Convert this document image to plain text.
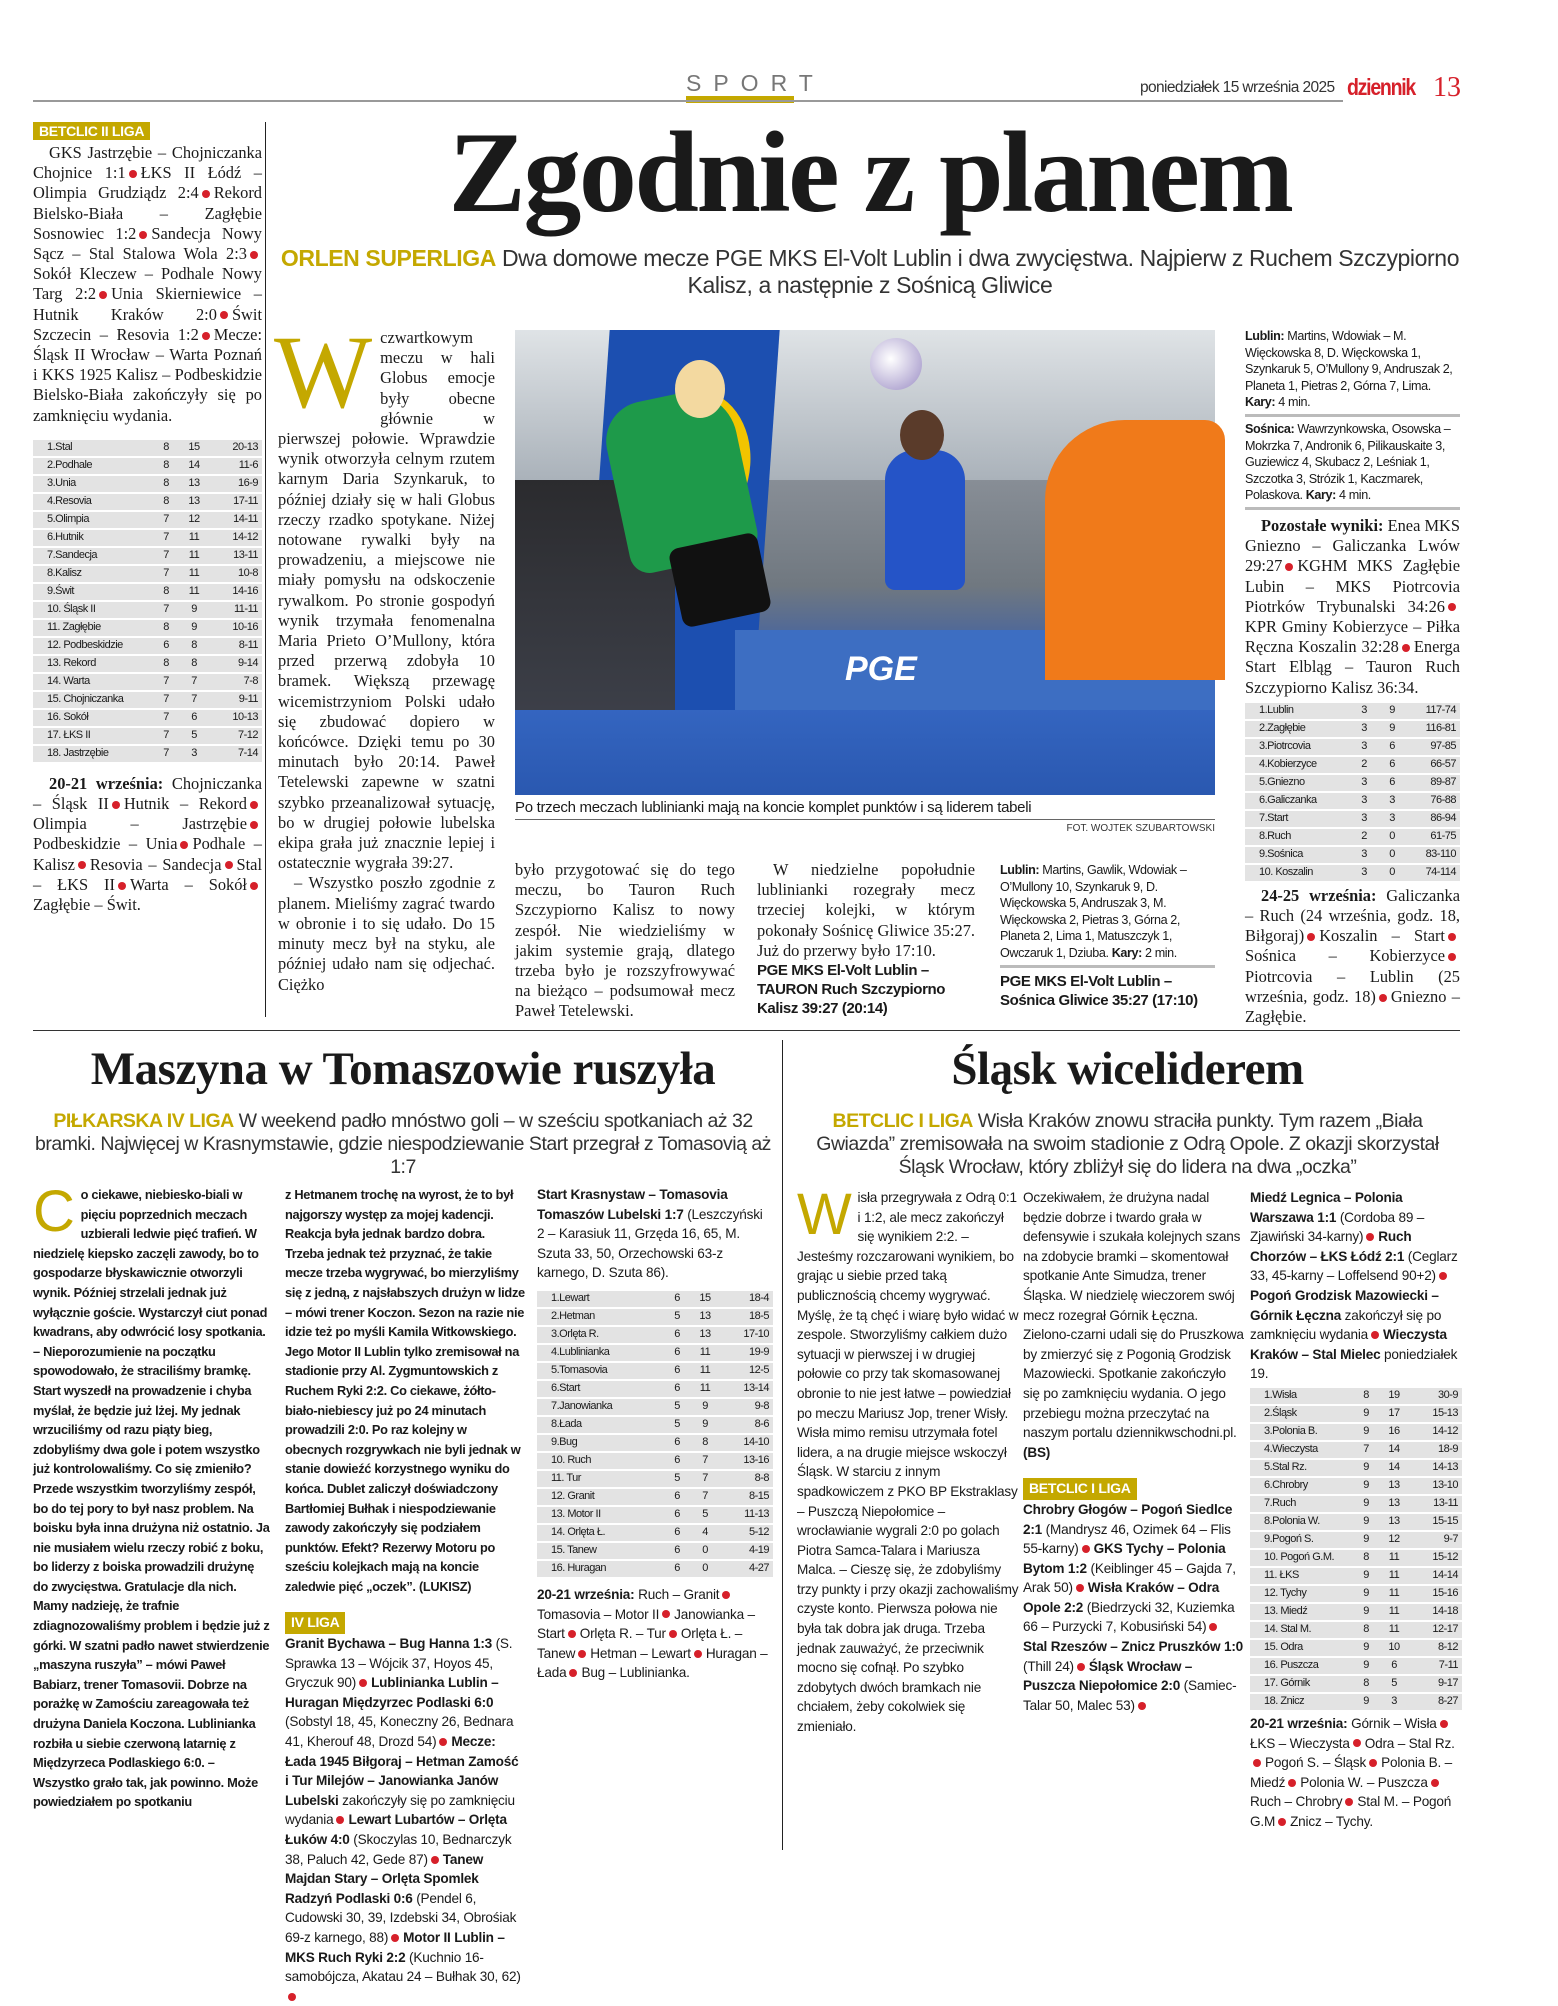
SPORT	poniedziałek 15 września 2025 dziennik 13
BETCLIC II LIGA

GKS Jastrzębie – Chojniczanka Chojnice 1:1 ŁKS II Łódź – Olimpia Grudziądz 2:4 Rekord Bielsko-Biała – Zagłębie Sosnowiec 1:2 Sandecja Nowy Sącz – Stal Stalowa Wola 2:3Sokół Kleczew – Podhale Nowy Targ 2:2 Unia Skierniewice – Hutnik Kraków 2:0 Świt Szczecin – Resovia 1:2 Mecze: Śląsk II Wrocław – Warta Poznań i KKS 1925 Kalisz – Podbeskidzie Bielsko-Biała zakończyły się po zamknięciu wydania.

1.Stal	8	15	20-13
2.Podhale	8	14	11-6
3.Unia	8	13	16-9
4.Resovia	8	13	17-11
5.Olimpia	7	12	14-11
6.Hutnik	7	11	14-12
7.Sandecja	7	11	13-11
8.Kalisz	7	11	10-8
9.Świt	8	11	14-16
10. Śląsk II	7	9	11-11
11. Zagłębie	8	9	10-16
12. Podbeskidzie	6	8	8-11
13. Rekord	8	8	9-14
14. Warta	7	7	7-8
15. Chojniczanka	7	7	9-11
16. Sokół	7	6	10-13
17. ŁKS II	7	5	7-12
18. Jastrzębie	7	3	7-14

20-21 września: Chojniczanka – Śląsk II Hutnik – RekordOlimpia – JastrzębiePodbeskidzie – Unia Podhale – Kalisz Resovia – Sandecja Stal – ŁKS II Warta – SokółZagłębie – Świt.

Zgodnie z planem

ORLEN SUPERLIGA Dwa domowe mecze PGE MKS El-Volt Lublin i dwa zwycięstwa. Najpierw z Ruchem Szczypiorno Kalisz, a następnie z Sośnicą Gliwice

Wczwartkowym meczu w hali Globus emocje były obecne głównie w pierwszej połowie. Wprawdzie wynik otworzyła celnym rzutem karnym Daria Szynkaruk, to później działy się w hali Globus rzeczy rzadko spotykane. Niżej notowane rywalki były na prowadzeniu, a miejscowe nie miały pomysłu na odskoczenie rywalkom. Po stronie gospodyń wynik trzymała fenomenalna Maria Prieto O’Mullony, która przed przerwą zdobyła 10 bramek. Większą przewagę wicemistrzyniom Polski udało się zbudować dopiero w końcówce. Dzięki temu po 30 minutach było 20:14. Paweł Tetelewski zapewne w szatni szybko przeanalizował sytuację, bo w drugiej połowie lubelska ekipa grała już znacznie lepiej i ostatecznie wygrała 39:27.

– Wszystko poszło zgodnie z planem. Mieliśmy zagrać twardo w obronie i to się udało. Do 15 minuty mecz był na styku, ale później udało nam się odjechać. Ciężko

PGE

Po trzech meczach lublinianki mają na koncie komplet punktów i są liderem tabeli

FOT. WOJTEK SZUBARTOWSKI

było przygotować się do tego meczu, bo Tauron Ruch Szczypiorno Kalisz to nowy zespół. Nie wiedzieliśmy w jakim systemie grają, dlatego trzeba było je rozszyfrowywać na bieżąco – podsumował mecz Paweł Tetelewski.

W niedzielne popołudnie lublinianki rozegrały mecz trzeciej kolejki, w którym pokonały Sośnicę Gliwice 35:27. Już do przerwy było 17:10.

PGE MKS El-Volt Lublin – TAURON Ruch Szczypiorno Kalisz 39:27 (20:14)

Lublin: Martins, Gawlik, Wdowiak – O’Mullony 10, Szynkaruk 9, D. Więckowska 5, Andruszak 3, M. Więckowska 2, Pietras 3, Górna 2, Planeta 2, Lima 1, Matuszczyk 1, Owczaruk 1, Dziuba. Kary: 2 min.

PGE MKS El-Volt Lublin – Sośnica Gliwice 35:27 (17:10)

Lublin: Martins, Wdowiak – M. Więckowska 8, D. Więckowska 1, Szynkaruk 5, O’Mullony 9, Andruszak 2, Planeta 1, Pietras 2, Górna 7, Lima. Kary: 4 min.

Sośnica: Wawrzynkowska, Osowska – Mokrzka 7, Andronik 6, Pilikauskaite 3, Guziewicz 4, Skubacz 2, Leśniak 1, Szczotka 3, Strózik 1, Kaczmarek, Polaskova. Kary: 4 min.

Pozostałe wyniki: Enea MKS Gniezno – Galiczanka Lwów 29:27 KGHM MKS Zagłębie Lubin – MKS Piotrcovia Piotrków Trybunalski 34:26KPR Gminy Kobierzyce – Piłka Ręczna Koszalin 32:28 Energa Start Elbląg – Tauron Ruch Szczypiorno Kalisz 36:34.

1.Lublin	3	9	117-74
2.Zagłębie	3	9	116-81
3.Piotrcovia	3	6	97-85
4.Kobierzyce	2	6	66-57
5.Gniezno	3	6	89-87
6.Galiczanka	3	3	76-88
7.Start	3	3	86-94
8.Ruch	2	0	61-75
9.Sośnica	3	0	83-110
10. Koszalin	3	0	74-114

24-25 września: Galiczanka – Ruch (24 września, godz. 18, Biłgoraj) Koszalin – StartSośnica – KobierzycePiotrcovia – Lublin (25 września, godz. 18) Gniezno – Zagłębie.

Maszyna w Tomaszowie ruszyła

PIŁKARSKA IV LIGA W weekend padło mnóstwo goli – w sześciu spotkaniach aż 32 bramki. Najwięcej w Krasnymstawie, gdzie niespodziewanie Start przegrał z Tomasovią aż 1:7

Co ciekawe, niebiesko-biali w pięciu poprzednich meczach uzbierali ledwie pięć trafień. W niedzielę kiepsko zaczęli zawody, bo to gospodarze błyskawicznie otworzyli wynik. Później strzelali jednak już wyłącznie goście. Wystarczył ciut ponad kwadrans, aby odwrócić losy spotkania. – Nieporozumienie na początku spowodowało, że straciliśmy bramkę. Start wyszedł na prowadzenie i chyba myślał, że będzie już lżej. My jednak wrzuciliśmy od razu piąty bieg, zdobyliśmy dwa gole i potem wszystko już kontrolowaliśmy. Co się zmieniło? Przede wszystkim tworzyliśmy zespół, bo do tej pory to był nasz problem. Na boisku była inna drużyna niż ostatnio. Ja nie musiałem wielu rzeczy robić z boku, bo liderzy z boiska prowadzili drużynę do zwycięstwa. Gratulacje dla nich. Mamy nadzieję, że trafnie zdiagnozowaliśmy problem i będzie już z górki. W szatni padło nawet stwierdzenie „maszyna ruszyła” – mówi Paweł Babiarz, trener Tomasovii. Dobrze na porażkę w Zamościu zareagowała też drużyna Daniela Koczona. Lublinianka rozbiła u siebie czerwoną latarnię z Międzyrzeca Podlaskiego 6:0. – Wszystko grało tak, jak powinno. Może powiedziałem po spotkaniu

z Hetmanem trochę na wyrost, że to był najgorszy występ za mojej kadencji. Reakcja była jednak bardzo dobra. Trzeba jednak też przyznać, że takie mecze trzeba wygrywać, bo mierzyliśmy się z jedną, z najsłabszych drużyn w lidze – mówi trener Koczon. Sezon na razie nie idzie też po myśli Kamila Witkowskiego. Jego Motor II Lublin tylko zremisował na stadionie przy Al. Zygmuntowskich z Ruchem Ryki 2:2. Co ciekawe, żółto-biało-niebiescy już po 24 minutach prowadzili 2:0. Po raz kolejny w obecnych rozgrywkach nie byli jednak w stanie dowieźć korzystnego wyniku do końca. Dublet zaliczył doświadczony Bartłomiej Bułhak i niespodziewanie zawody zakończyły się podziałem punktów. Efekt? Rezerwy Motoru po sześciu kolejkach mają na koncie zaledwie pięć „oczek”. (LUKISZ)

IV LIGA

Granit Bychawa – Bug Hanna 1:3 (S. Sprawka 13 – Wójcik 37, Hoyos 45, Gryczuk 90) Lublinianka Lublin – Huragan Międzyrzec Podlaski 6:0 (Sobstyl 18, 45, Koneczny 26, Bednara 41, Kherouf 48, Drozd 54) Mecze: Łada 1945 Biłgoraj – Hetman Zamość i Tur Milejów – Janowianka Janów Lubelski zakończyły się po zamknięciu wydania Lewart Lubartów – Orlęta Łuków 4:0 (Skoczylas 10, Bednarczyk 38, Paluch 42, Gede 87) Tanew Majdan Stary – Orlęta Spomlek Radzyń Podlaski 0:6 (Pendel 6, Cudowski 30, 39, Izdebski 34, Obrośiak 69-z karnego, 88) Motor II Lublin – MKS Ruch Ryki 2:2 (Kuchnio 16-samobójcza, Akatau 24 – Bułhak 30, 62)

Start Krasnystaw – Tomasovia Tomaszów Lubelski 1:7 (Leszczyński 2 – Karasiuk 11, Grzęda 16, 65, M. Szuta 33, 50, Orzechowski 63-z karnego, D. Szuta 86).

1.Lewart	6	15	18-4
2.Hetman	5	13	18-5
3.Orlęta R.	6	13	17-10
4.Lublinianka	6	11	19-9
5.Tomasovia	6	11	12-5
6.Start	6	11	13-14
7.Janowianka	5	9	9-8
8.Łada	5	9	8-6
9.Bug	6	8	14-10
10. Ruch	6	7	13-16
11. Tur	5	7	8-8
12. Granit	6	7	8-15
13. Motor II	6	5	11-13
14. Orlęta Ł.	6	4	5-12
15. Tanew	6	0	4-19
16. Huragan	6	0	4-27

20-21 września: Ruch – GranitTomasovia – Motor II Janowianka – Start Orlęta R. – Tur Orlęta Ł. – Tanew Hetman – Lewart Huragan – Łada Bug – Lublinianka.

Śląsk wiceliderem

BETCLIC I LIGA Wisła Kraków znowu straciła punkty. Tym razem „Biała Gwiazda” zremisowała na swoim stadionie z Odrą Opole. Z okazji skorzystał Śląsk Wrocław, który zbliżył się do lidera na dwa „oczka”

Wisła przegrywała z Odrą 0:1 i 1:2, ale mecz zakończył się wynikiem 2:2. – Jesteśmy rozczarowani wynikiem, bo grając u siebie przed taką publicznością chcemy wygrywać. Myślę, że tą chęć i wiarę było widać w zespole. Stworzyliśmy całkiem dużo sytuacji w pierwszej i w drugiej połowie co przy tak skomasowanej obronie to nie jest łatwe – powiedział po meczu Mariusz Jop, trener Wisły. Wisła mimo remisu utrzymała fotel lidera, a na drugie miejsce wskoczył Śląsk. W starciu z innym spadkowiczem z PKO BP Ekstraklasy – Puszczą Niepołomice – wrocławianie wygrali 2:0 po golach Piotra Samca-Talara i Mariusza Malca. – Cieszę się, że zdobyliśmy trzy punkty i przy okazji zachowaliśmy czyste konto. Pierwsza połowa nie była tak dobra jak druga. Trzeba jednak zauważyć, że przeciwnik mocno się cofnął. Po szybko zdobytych dwóch bramkach nie chciałem, żeby cokolwiek się zmieniało.

Oczekiwałem, że drużyna nadal będzie dobrze i twardo grała w defensywie i szukała kolejnych szans na zdobycie bramki – skomentował spotkanie Ante Simudza, trener Śląska. W niedzielę wieczorem swój mecz rozegrał Górnik Łęczna. Zielono-czarni udali się do Pruszkowa by zmierzyć się z Pogonią Grodzisk Mazowiecki. Spotkanie zakończyło się po zamknięciu wydania. O jego przebiegu można przeczytać na naszym portalu dziennikwschodni.pl. (BS)

BETCLIC I LIGA

Chrobry Głogów – Pogoń Siedlce 2:1 (Mandrysz 46, Ozimek 64 – Flis 55-karny) GKS Tychy – Polonia Bytom 1:2 (Keiblinger 45 – Gajda 7, Arak 50) Wisła Kraków – Odra Opole 2:2 (Biedrzycki 32, Kuziemka 66 – Purzycki 7, Kobusiński 54)Stal Rzeszów – Znicz Pruszków 1:0 (Thill 24) Śląsk Wrocław – Puszcza Niepołomice 2:0 (Samiec-Talar 50, Malec 53)

Miedź Legnica – Polonia Warszawa 1:1 (Cordoba 89 – Zjawiński 34-karny) Ruch Chorzów – ŁKS Łódź 2:1 (Ceglarz 33, 45-karny – Loffelsend 90+2)Pogoń Grodzisk Mazowiecki – Górnik Łęczna zakończył się po zamknięciu wydania Wieczysta Kraków – Stal Mielec poniedziałek 19.

1.Wisła	8	19	30-9
2.Śląsk	9	17	15-13
3.Polonia B.	9	16	14-12
4.Wieczysta	7	14	18-9
5.Stal Rz.	9	14	14-13
6.Chrobry	9	13	13-10
7.Ruch	9	13	13-11
8.Polonia W.	9	13	15-15
9.Pogoń S.	9	12	9-7
10. Pogoń G.M.	8	11	15-12
11. ŁKS	9	11	14-14
12. Tychy	9	11	15-16
13. Miedź	9	11	14-18
14. Stal M.	8	11	12-17
15. Odra	9	10	8-12
16. Puszcza	9	6	7-11
17. Górnik	8	5	9-17
18. Znicz	9	3	8-27

20-21 września: Górnik – WisłaŁKS – Wieczysta Odra – Stal Rz.Pogoń S. – Śląsk Polonia B. – Miedź Polonia W. – PuszczaRuch – Chrobry Stal M. – Pogoń G.M Znicz – Tychy.
